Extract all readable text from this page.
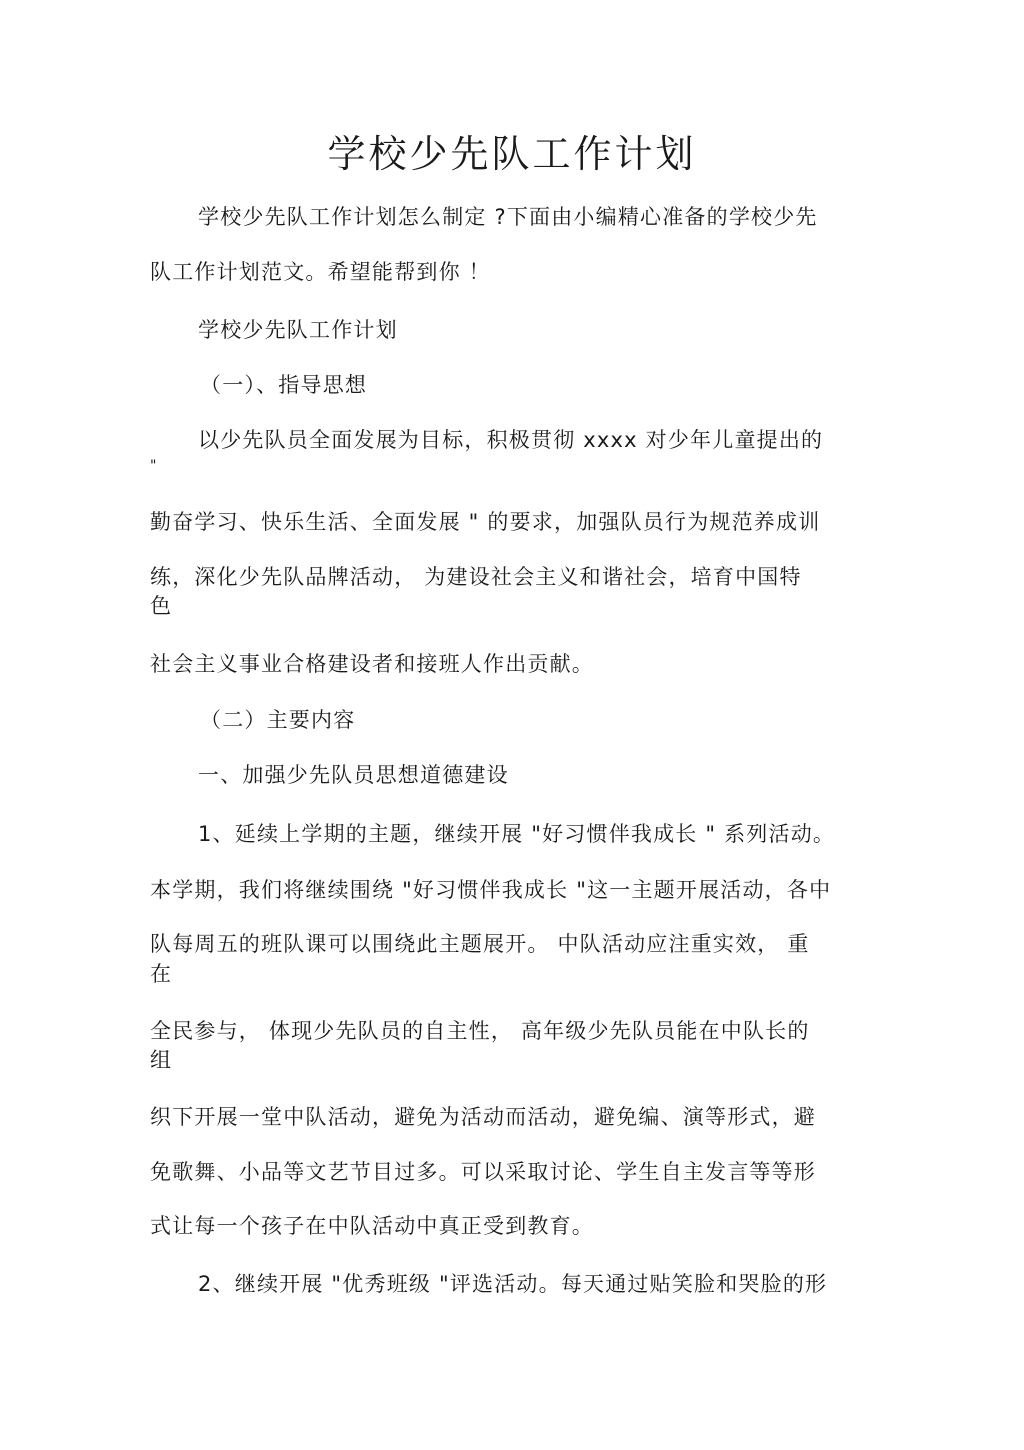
学校少先队工作计划
学校少先队工作计划怎么制定 ?下面由小编精心准备的学校少先
队工作计划范文。希望能帮到你 ！
学校少先队工作计划
（一）、指导思想
以少先队员全面发展为目标，积极贯彻 xxxx 对少年儿童提出的
"
勤奋学习、快乐生活、全面发展 " 的要求，加强队员行为规范养成训
练，深化少先队品牌活动， 为建设社会主义和谐社会，培育中国特
色
社会主义事业合格建设者和接班人作出贡献。
（二）主要内容
一、加强少先队员思想道德建设
1、延续上学期的主题，继续开展 "好习惯伴我成长 " 系列活动。
本学期，我们将继续围绕 "好习惯伴我成长 "这一主题开展活动，各中
队每周五的班队课可以围绕此主题展开。 中队活动应注重实效， 重
在
全民参与， 体现少先队员的自主性， 高年级少先队员能在中队长的
组
织下开展一堂中队活动，避免为活动而活动，避免编、演等形式，避
免歌舞、小品等文艺节目过多。可以采取讨论、学生自主发言等等形
式让每一个孩子在中队活动中真正受到教育。
2、继续开展 "优秀班级 "评选活动。每天通过贴笑脸和哭脸的形
